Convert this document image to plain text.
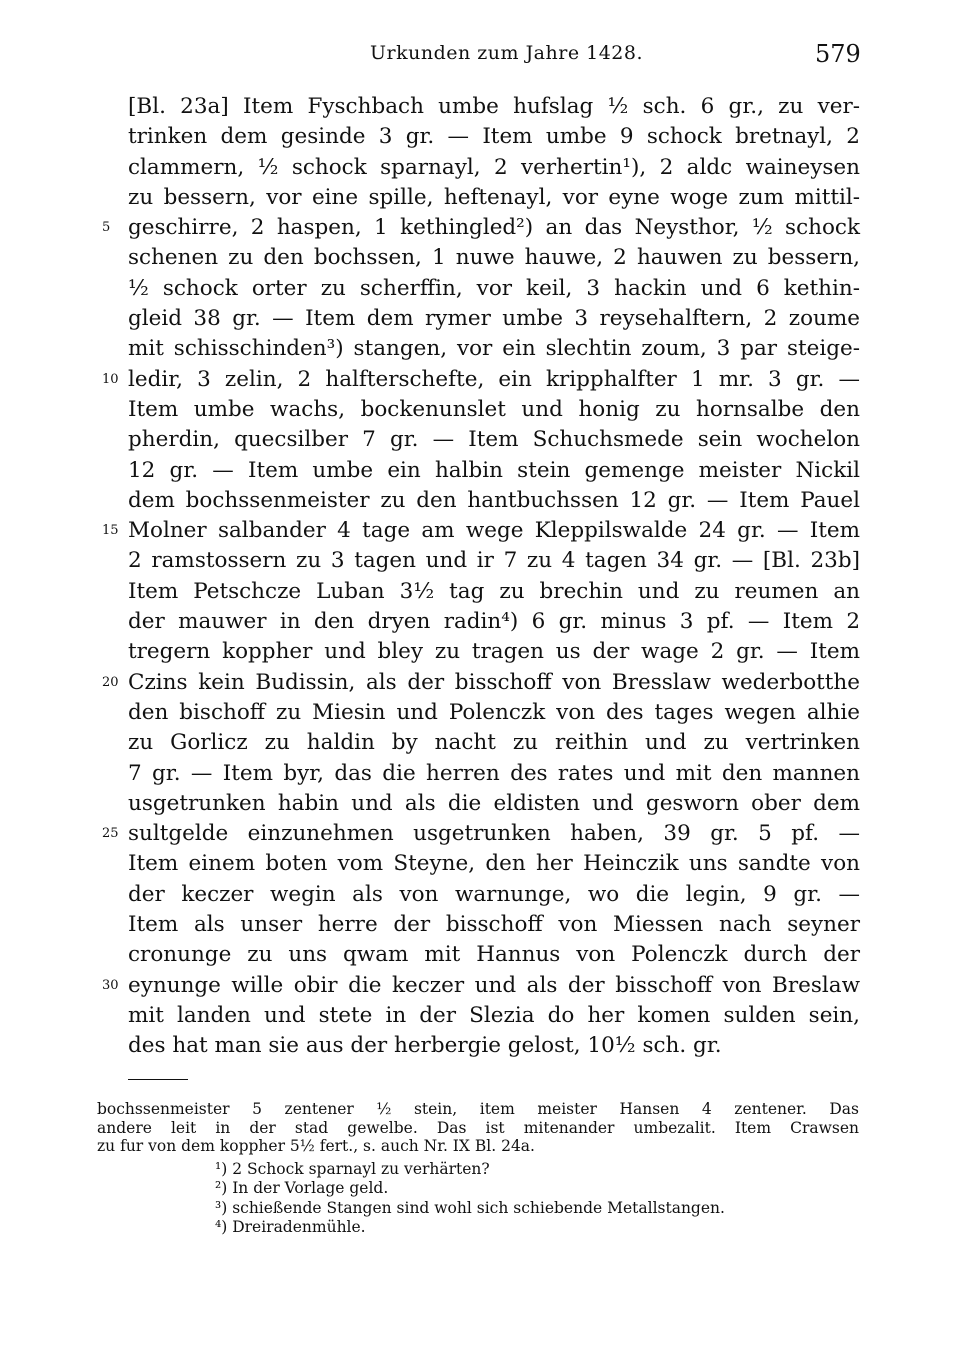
Urkunden zum Jahre 1428.	579
[Bl. 23a] Item Fyschbach umbe hufslag ½ sch. 6 gr., zu ver-
trinken dem gesinde 3 gr. — Item umbe 9 schock bretnayl, 2
clammern, ½ schock sparnayl, 2 verhertin¹), 2 aldc waineysen
zu bessern, vor eine spille, heftenayl, vor eyne woge zum mittil-
5 geschirre, 2 haspen, 1 kethingled²) an das Neysthor, ½ schock
schenen zu den bochssen, 1 nuwe hauwe, 2 hauwen zu bessern,
½ schock orter zu scherffin, vor keil, 3 hackin und 6 kethin-
gleid 38 gr. — Item dem rymer umbe 3 reysehalftern, 2 zoume
mit schisschinden³) stangen, vor ein slechtin zoum, 3 par steige-
10 ledir, 3 zelin, 2 halfterschefte, ein kripphalfter 1 mr. 3 gr. —
Item umbe wachs, bockenunslet und honig zu hornsalbe den
pherdin, quecsilber 7 gr. — Item Schuchsmede sein wochelon
12 gr. — Item umbe ein halbin stein gemenge meister Nickil
dem bochssenmeister zu den hantbuchssen 12 gr. — Item Pauel
15 Molner salbander 4 tage am wege Kleppilswalde 24 gr. — Item
2 ramstossern zu 3 tagen und ir 7 zu 4 tagen 34 gr. — [Bl. 23b]
Item Petschcze Luban 3½ tag zu brechin und zu reumen an
der mauwer in den dryen radin⁴) 6 gr. minus 3 pf. — Item 2
tregern koppher und bley zu tragen us der wage 2 gr. — Item
20 Czins kein Budissin, als der bisschoff von Bresslaw wederbotthe
den bischoff zu Miesin und Polenczk von des tages wegen alhie
zu Gorlicz zu haldin by nacht zu reithin und zu vertrinken
7 gr. — Item byr, das die herren des rates und mit den mannen
usgetrunken habin und als die eldisten und gesworn ober dem
25 sultgelde einzunehmen usgetrunken haben, 39 gr. 5 pf. —
Item einem boten vom Steyne, den her Heinczik uns sandte von
der keczer wegin als von warnunge, wo die legin, 9 gr. —
Item als unser herre der bisschoff von Miessen nach seyner
cronunge zu uns qwam mit Hannus von Polenczk durch der
30 eynunge wille obir die keczer und als der bisschoff von Breslaw
mit landen und stete in der Slezia do her komen sulden sein,
des hat man sie aus der herbergie gelost, 10½ sch. gr.
bochssenmeister 5 zentener ½ stein, item meister Hansen 4 zentener. Das
andere leit in der stad gewelbe. Das ist mitenander umbezalit. Item Crawsen
zu fur von dem koppher 5½ fert., s. auch Nr. IX Bl. 24a.
¹) 2 Schock sparnayl zu verhärten?
²) In der Vorlage geld.
³) schießende Stangen sind wohl sich schiebende Metallstangen.
⁴) Dreiradenmühle.
